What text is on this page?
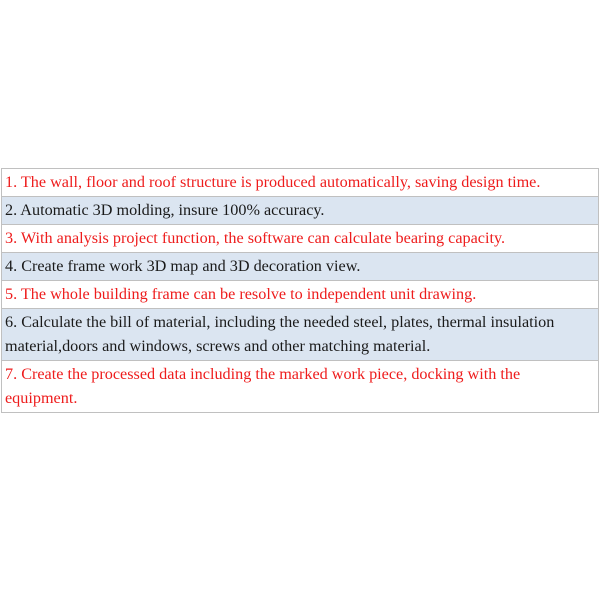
1. The wall, floor and roof structure is produced automatically, saving design time.
2. Automatic 3D molding, insure 100% accuracy.
3. With analysis project function, the software can calculate bearing capacity.
4. Create frame work 3D map and 3D decoration view.
5. The whole building frame can be resolve to independent unit drawing.
6. Calculate the bill of material, including the needed steel, plates, thermal insulation material,doors and windows, screws and other matching material.
7. Create the processed data including the marked work piece, docking with the equipment.
